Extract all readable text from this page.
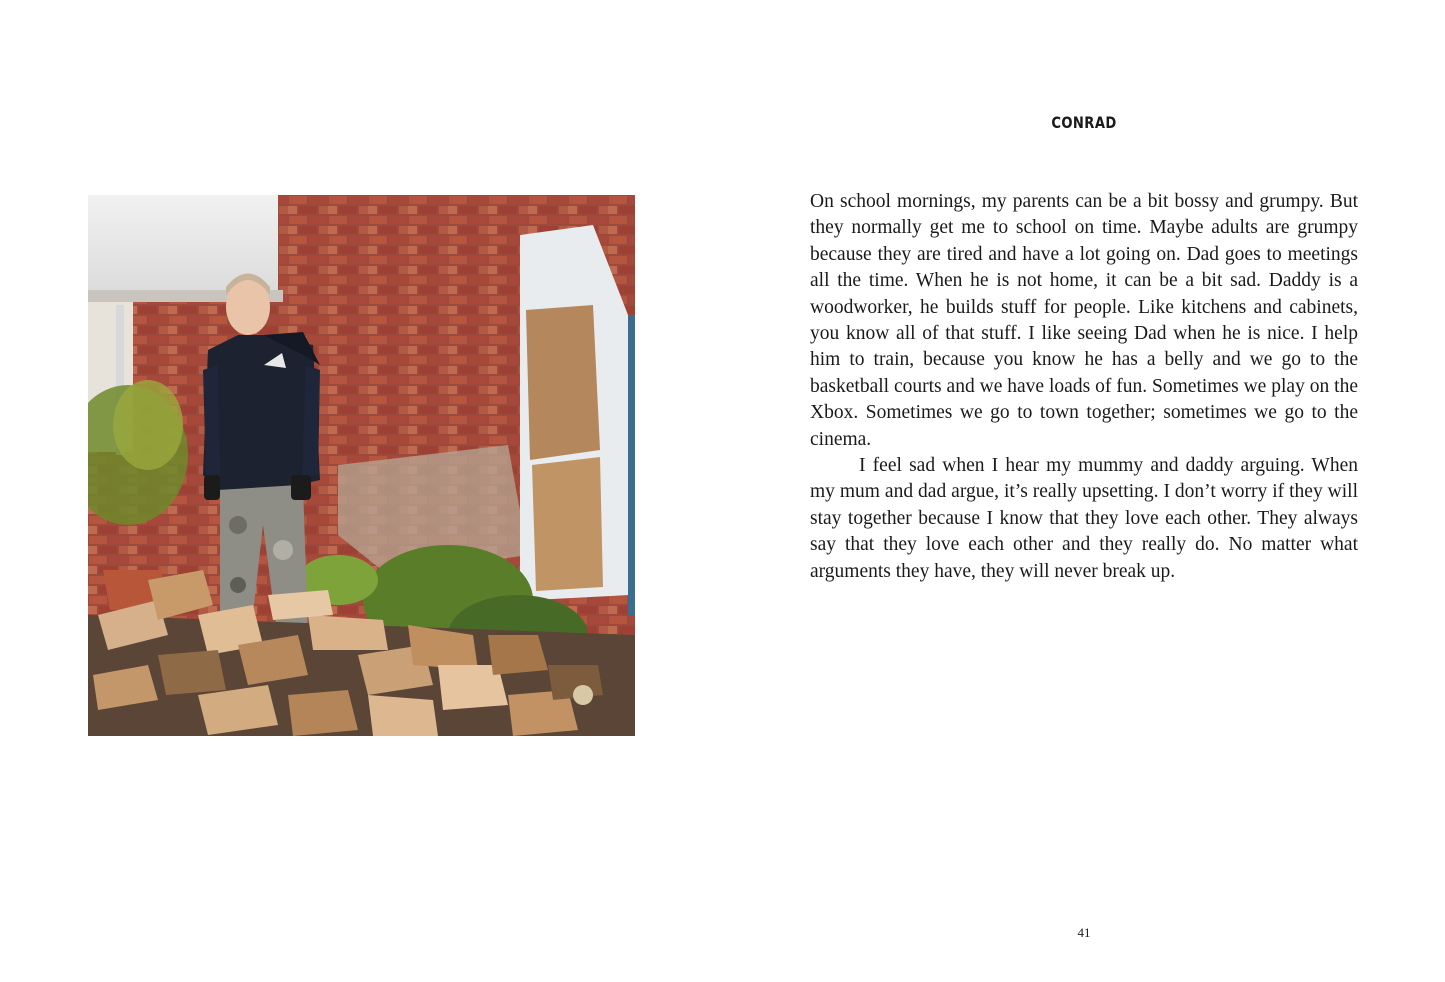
CONRAD

On school mornings, my parents can be a bit bossy and grumpy. But they normally get me to school on time. Maybe adults are grumpy because they are tired and have a lot going on. Dad goes to meetings all the time. When he is not home, it can be a bit sad. Daddy is a woodworker, he builds stuff for people. Like kitchens and cabinets, you know all of that stuff. I like seeing Dad when he is nice. I help him to train, because you know he has a belly and we go to the basketball courts and we have loads of fun. Sometimes we play on the Xbox. Sometimes we go to town together; sometimes we go to the cinema.

I feel sad when I hear my mummy and daddy arguing. When my mum and dad argue, it’s really upsetting. I don’t worry if they will stay together because I know that they love each other. They always say that they love each other and they really do. No matter what arguments they have, they will never break up.

41
